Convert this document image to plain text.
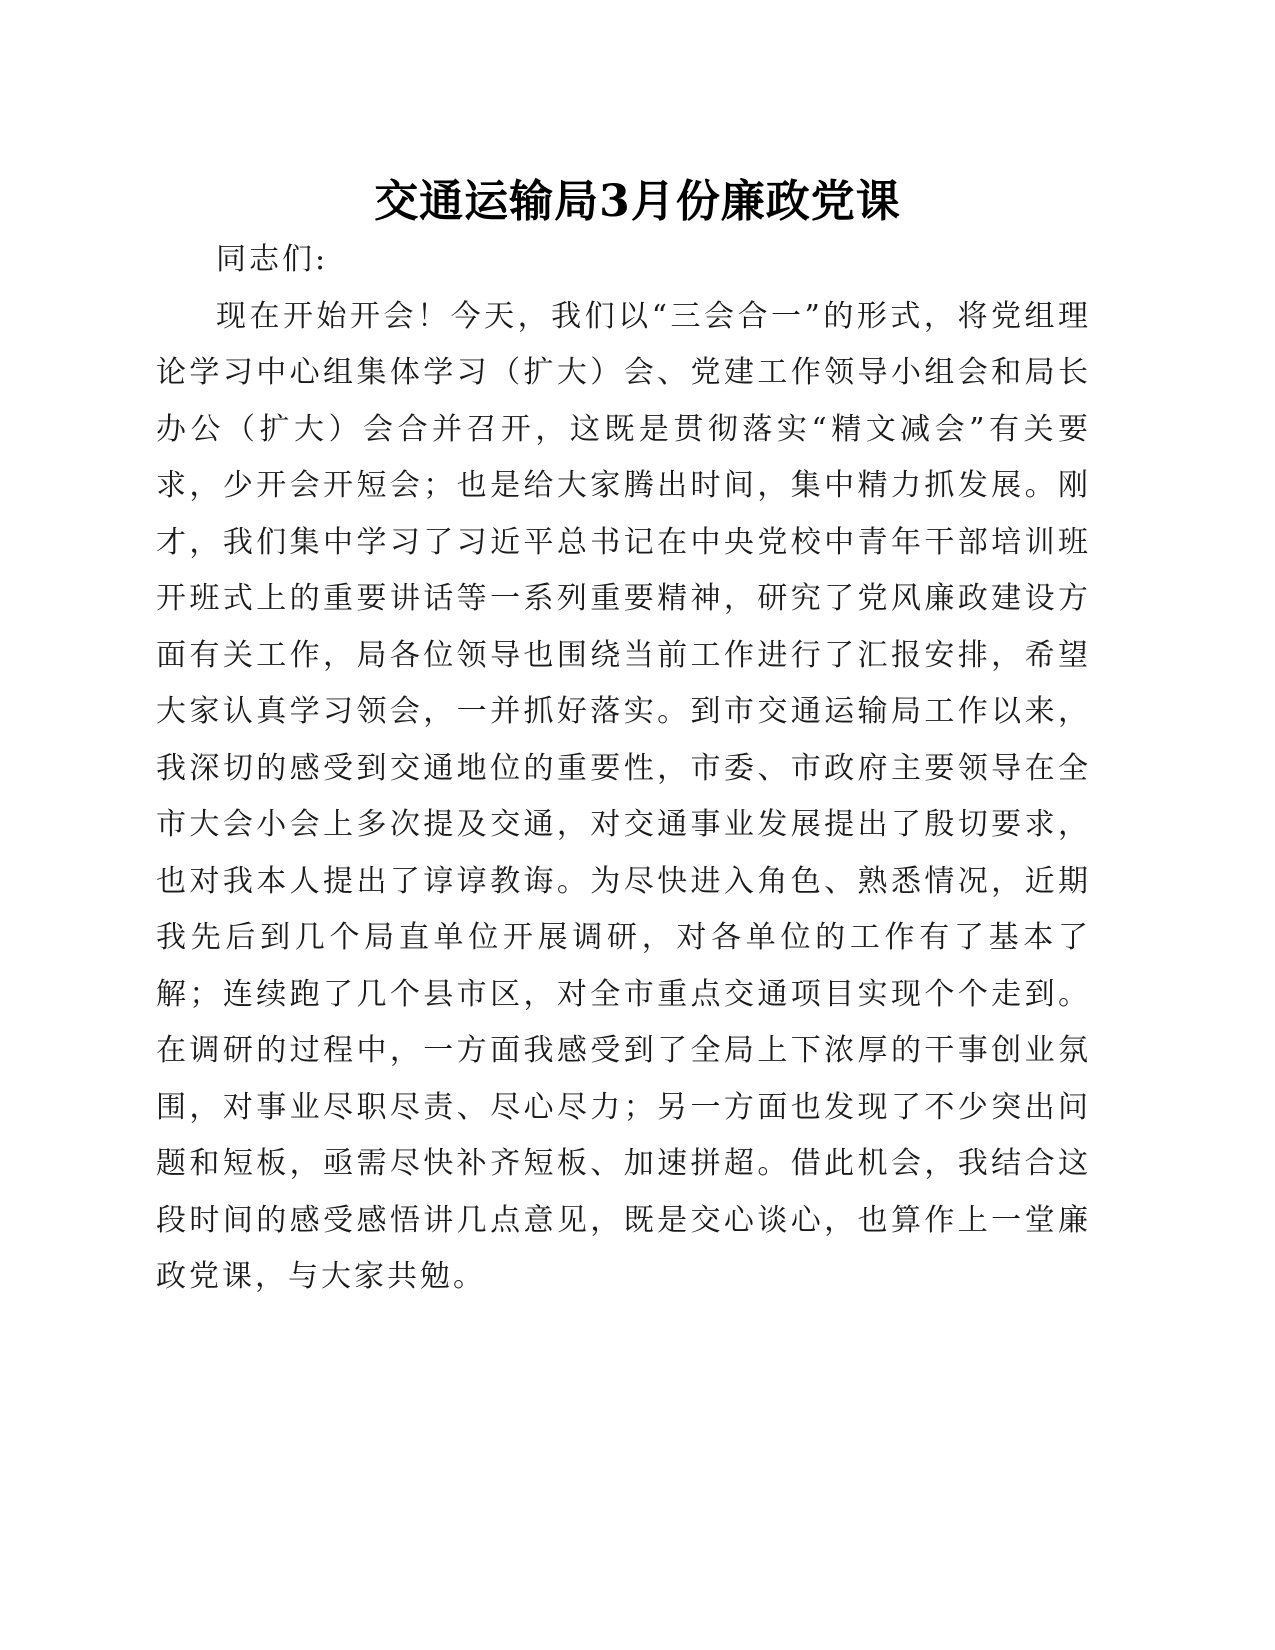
交通运输局3月份廉政党课

同志们:

现在开始开会！今天，我们以“三会合一”的形式，将党组理论学习中心组集体学习（扩大）会、党建工作领导小组会和局长办公（扩大）会合并召开，这既是贯彻落实“精文减会”有关要求，少开会开短会；也是给大家腾出时间，集中精力抓发展。刚才，我们集中学习了习近平总书记在中央党校中青年干部培训班开班式上的重要讲话等一系列重要精神，研究了党风廉政建设方面有关工作，局各位领导也围绕当前工作进行了汇报安排，希望大家认真学习领会，一并抓好落实。到市交通运输局工作以来，我深切的感受到交通地位的重要性，市委、市政府主要领导在全市大会小会上多次提及交通，对交通事业发展提出了殷切要求，也对我本人提出了谆谆教诲。为尽快进入角色、熟悉情况，近期我先后到几个局直单位开展调研，对各单位的工作有了基本了解；连续跑了几个县市区，对全市重点交通项目实现个个走到。在调研的过程中，一方面我感受到了全局上下浓厚的干事创业氛围，对事业尽职尽责、尽心尽力；另一方面也发现了不少突出问题和短板，亟需尽快补齐短板、加速拼超。借此机会，我结合这段时间的感受感悟讲几点意见，既是交心谈心，也算作上一堂廉政党课，与大家共勉。
